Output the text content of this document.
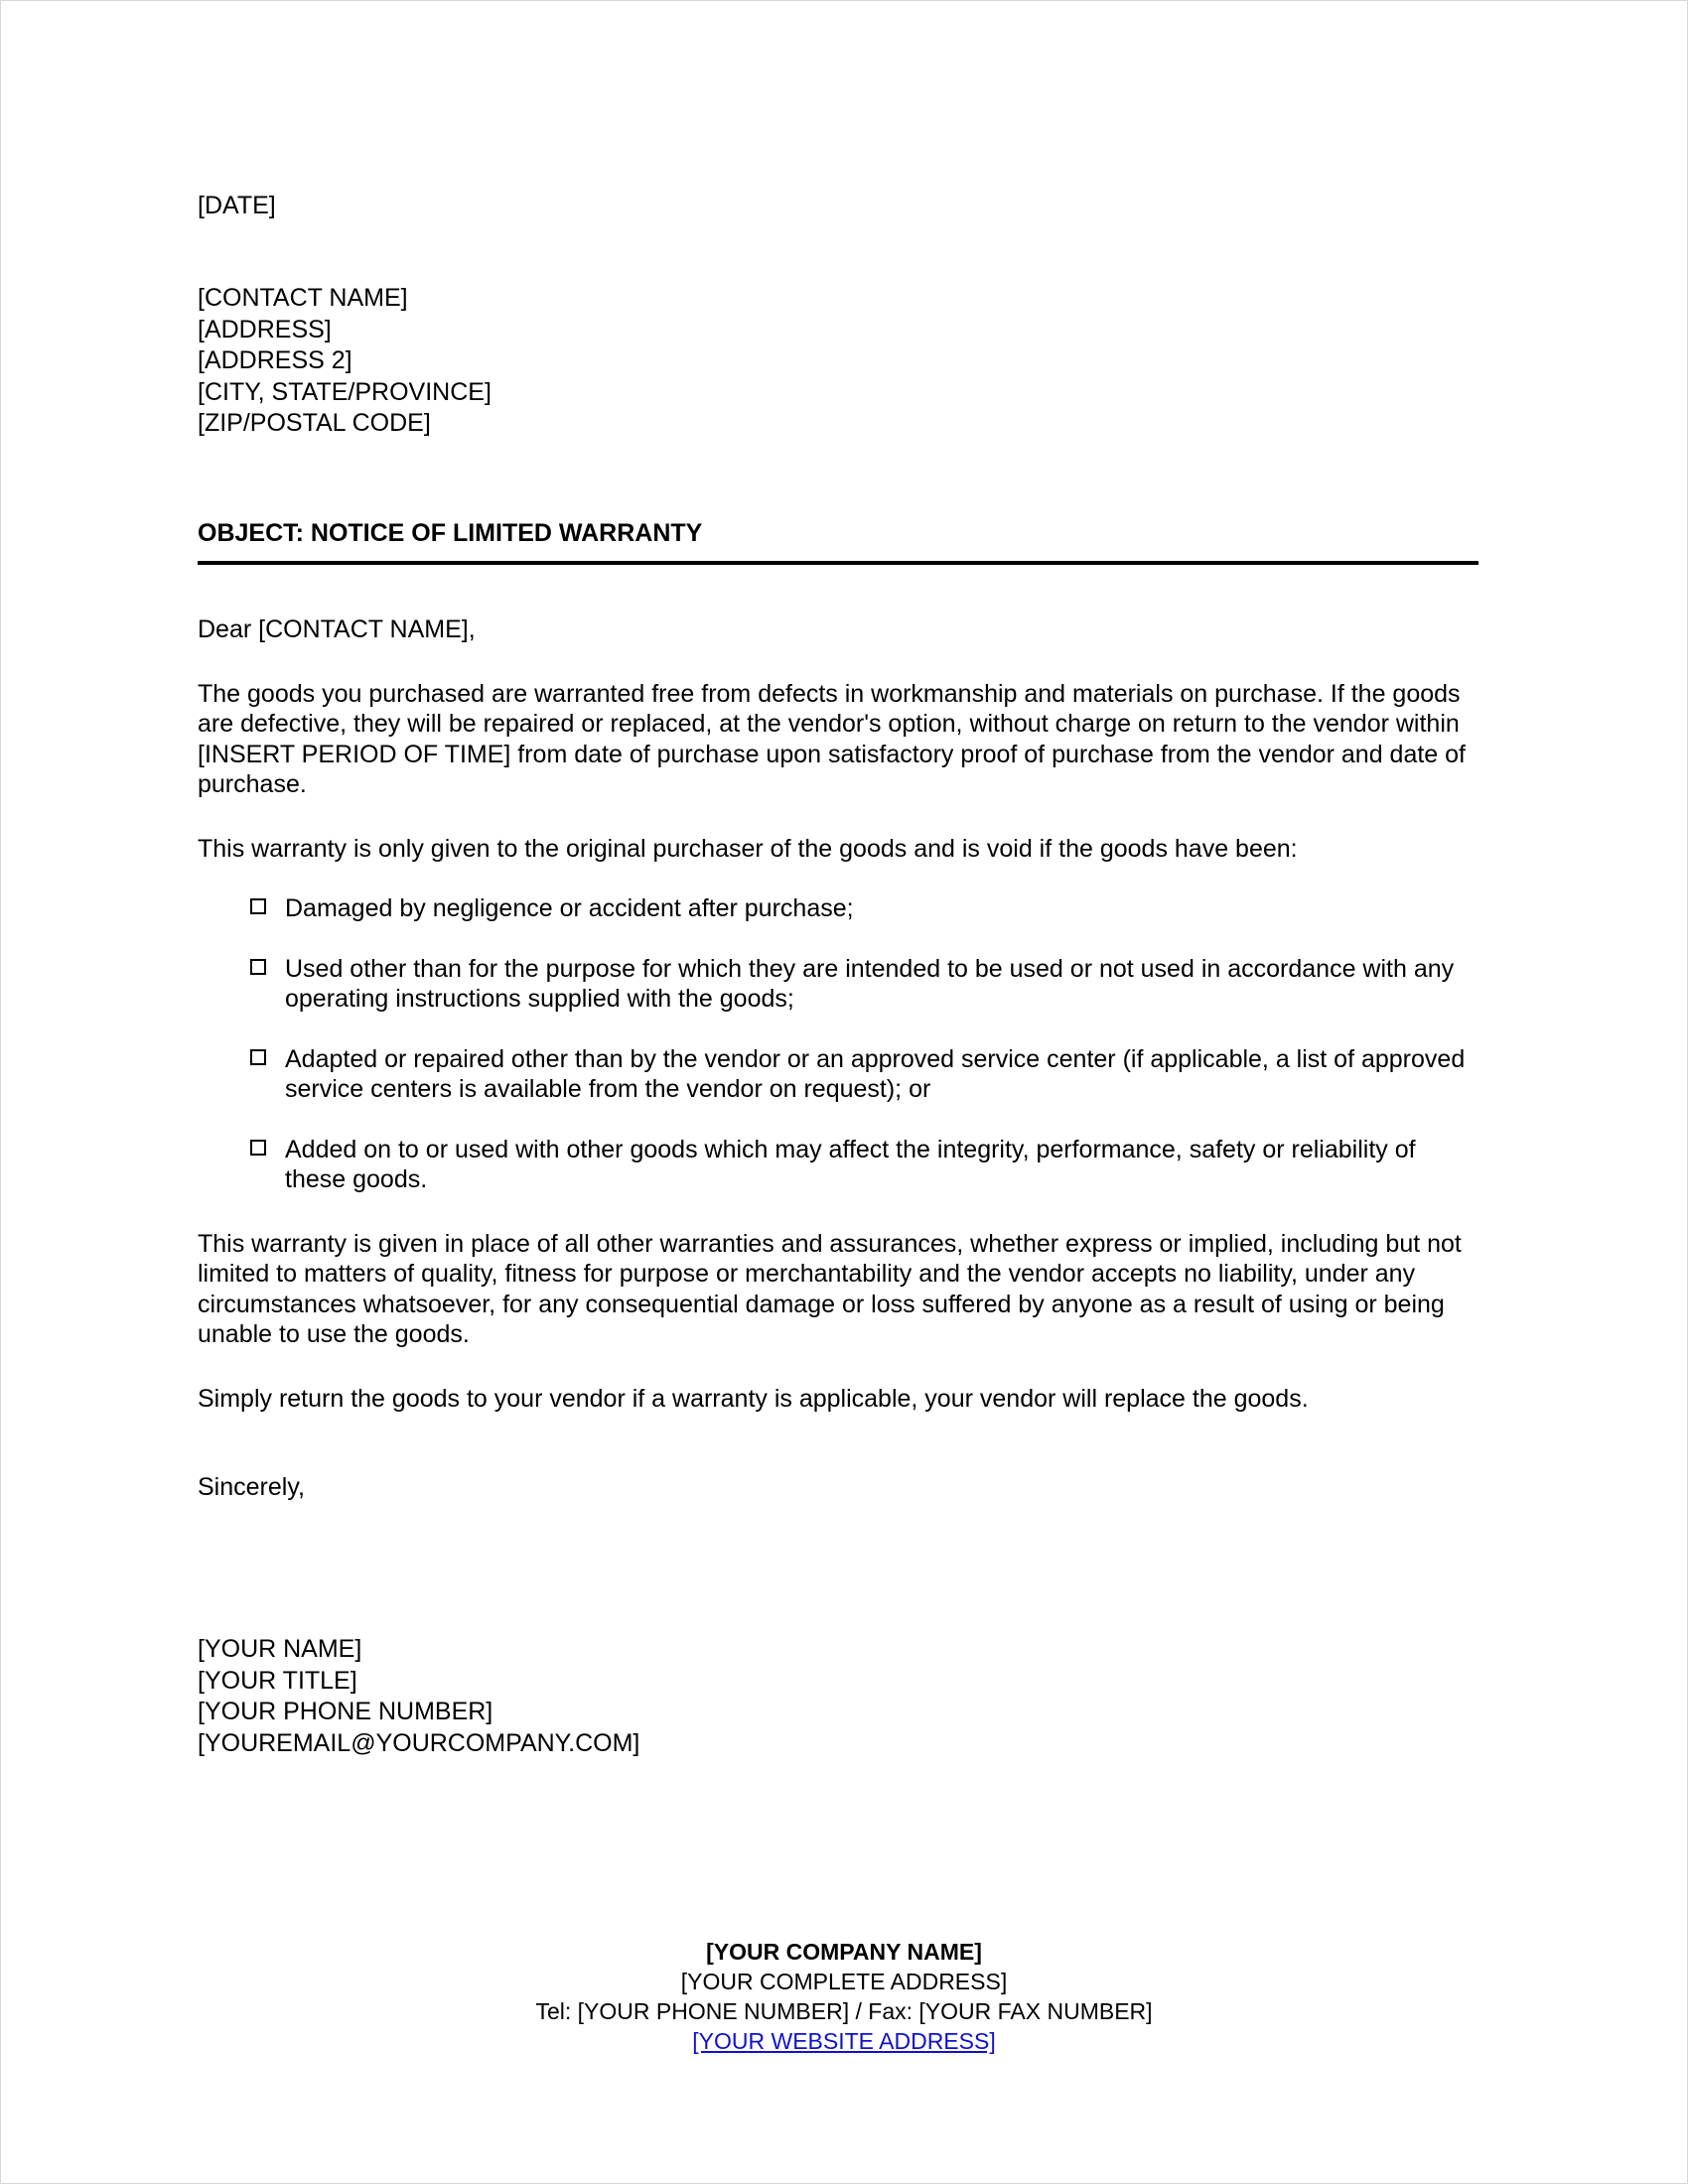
[DATE]
[CONTACT NAME]
[ADDRESS]
[ADDRESS 2]
[CITY, STATE/PROVINCE]
[ZIP/POSTAL CODE]
OBJECT: NOTICE OF LIMITED WARRANTY
Dear [CONTACT NAME],

The goods you purchased are warranted free from defects in workmanship and materials on purchase. If the goods are defective, they will be repaired or replaced, at the vendor's option, without charge on return to the vendor within [INSERT PERIOD OF TIME] from date of purchase upon satisfactory proof of purchase from the vendor and date of purchase.

This warranty is only given to the original purchaser of the goods and is void if the goods have been:

Damaged by negligence or accident after purchase;
Used other than for the purpose for which they are intended to be used or not used in accordance with any operating instructions supplied with the goods;
Adapted or repaired other than by the vendor or an approved service center (if applicable, a list of approved service centers is available from the vendor on request); or
Added on to or used with other goods which may affect the integrity, performance, safety or reliability of these goods.

This warranty is given in place of all other warranties and assurances, whether express or implied, including but not limited to matters of quality, fitness for purpose or merchantability and the vendor accepts no liability, under any circumstances whatsoever, for any consequential damage or loss suffered by anyone as a result of using or being unable to use the goods.

Simply return the goods to your vendor if a warranty is applicable, your vendor will replace the goods.

Sincerely,
[YOUR NAME]
[YOUR TITLE]
[YOUR PHONE NUMBER]
[YOUREMAIL@YOURCOMPANY.COM]
[YOUR COMPANY NAME]
[YOUR COMPLETE ADDRESS]
Tel: [YOUR PHONE NUMBER] / Fax: [YOUR FAX NUMBER]
[YOUR WEBSITE ADDRESS]
